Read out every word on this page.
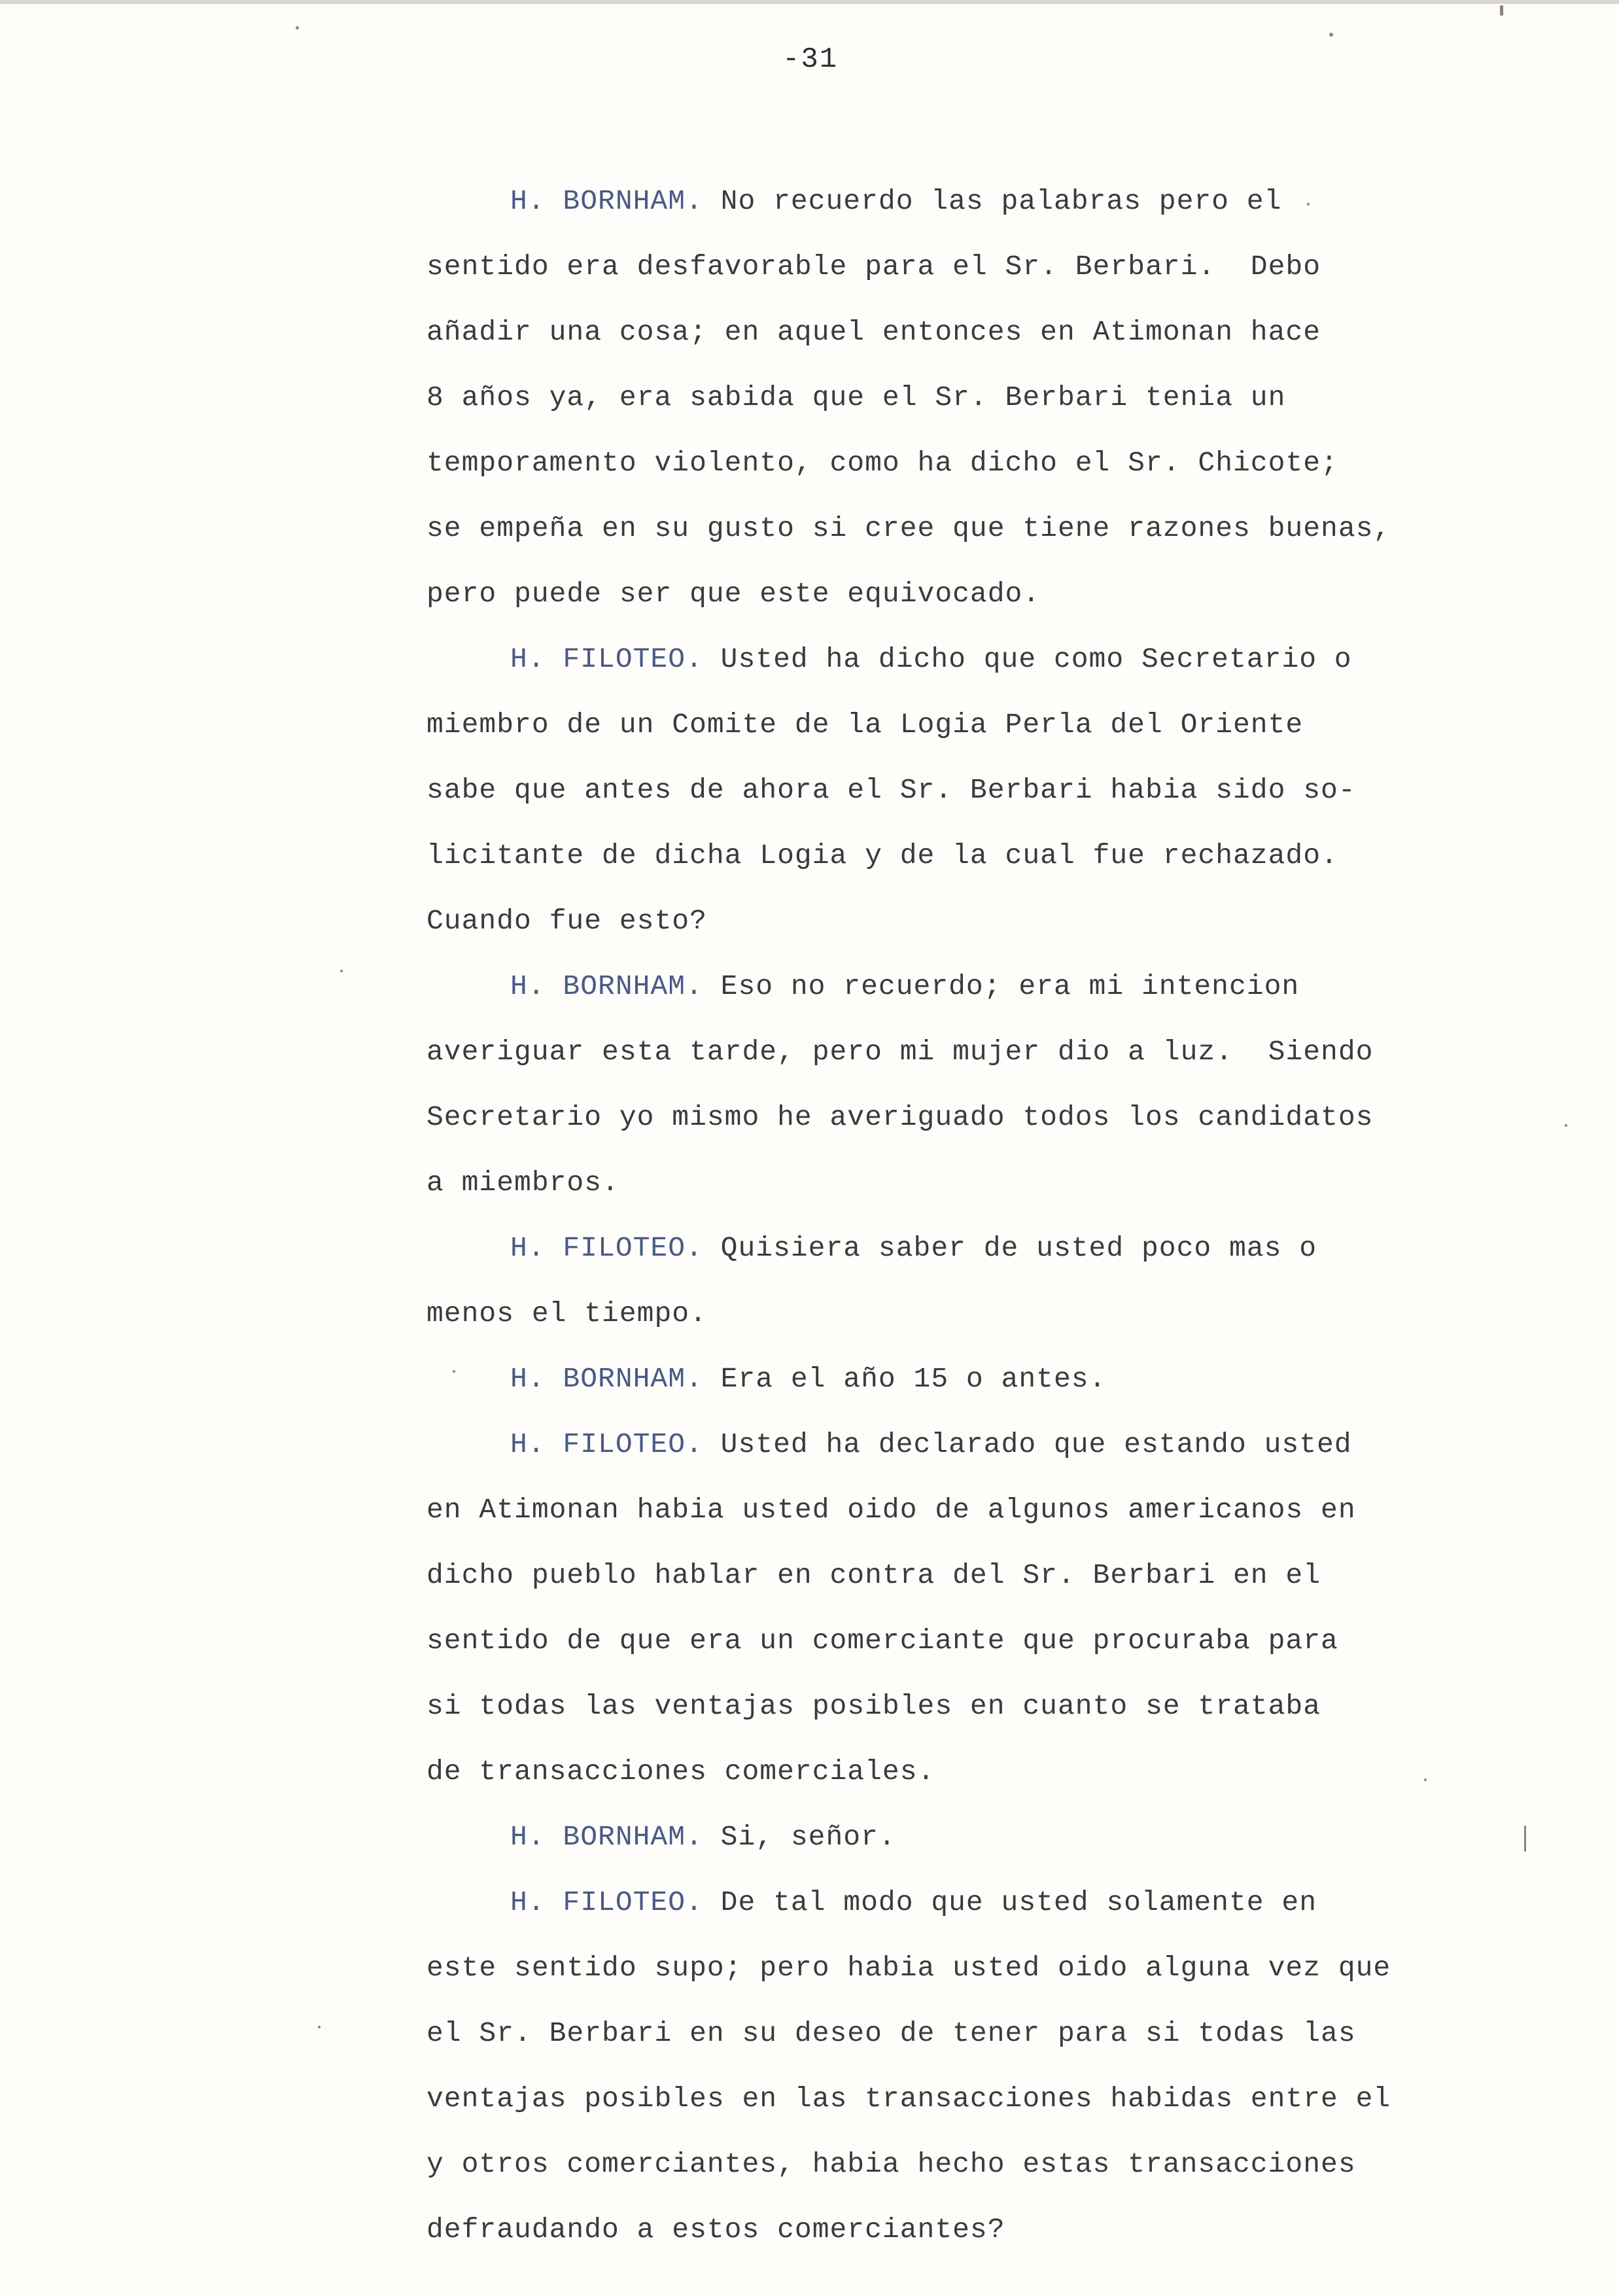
-31
H. BORNHAM. No recuerdo las palabras pero el
sentido era desfavorable para el Sr. Berbari.  Debo
añadir una cosa; en aquel entonces en Atimonan hace
8 años ya, era sabida que el Sr. Berbari tenia un
temporamento violento, como ha dicho el Sr. Chicote;
se empeña en su gusto si cree que tiene razones buenas,
pero puede ser que este equivocado.
H. FILOTEO. Usted ha dicho que como Secretario o
miembro de un Comite de la Logia Perla del Oriente
sabe que antes de ahora el Sr. Berbari habia sido so-
licitante de dicha Logia y de la cual fue rechazado.
Cuando fue esto?
H. BORNHAM. Eso no recuerdo; era mi intencion
averiguar esta tarde, pero mi mujer dio a luz.  Siendo
Secretario yo mismo he averiguado todos los candidatos
a miembros.
H. FILOTEO. Quisiera saber de usted poco mas o
menos el tiempo.
H. BORNHAM. Era el año 15 o antes.
H. FILOTEO. Usted ha declarado que estando usted
en Atimonan habia usted oido de algunos americanos en
dicho pueblo hablar en contra del Sr. Berbari en el
sentido de que era un comerciante que procuraba para
si todas las ventajas posibles en cuanto se trataba
de transacciones comerciales.
H. BORNHAM. Si, señor.
H. FILOTEO. De tal modo que usted solamente en
este sentido supo; pero habia usted oido alguna vez que
el Sr. Berbari en su deseo de tener para si todas las
ventajas posibles en las transacciones habidas entre el
y otros comerciantes, habia hecho estas transacciones
defraudando a estos comerciantes?
